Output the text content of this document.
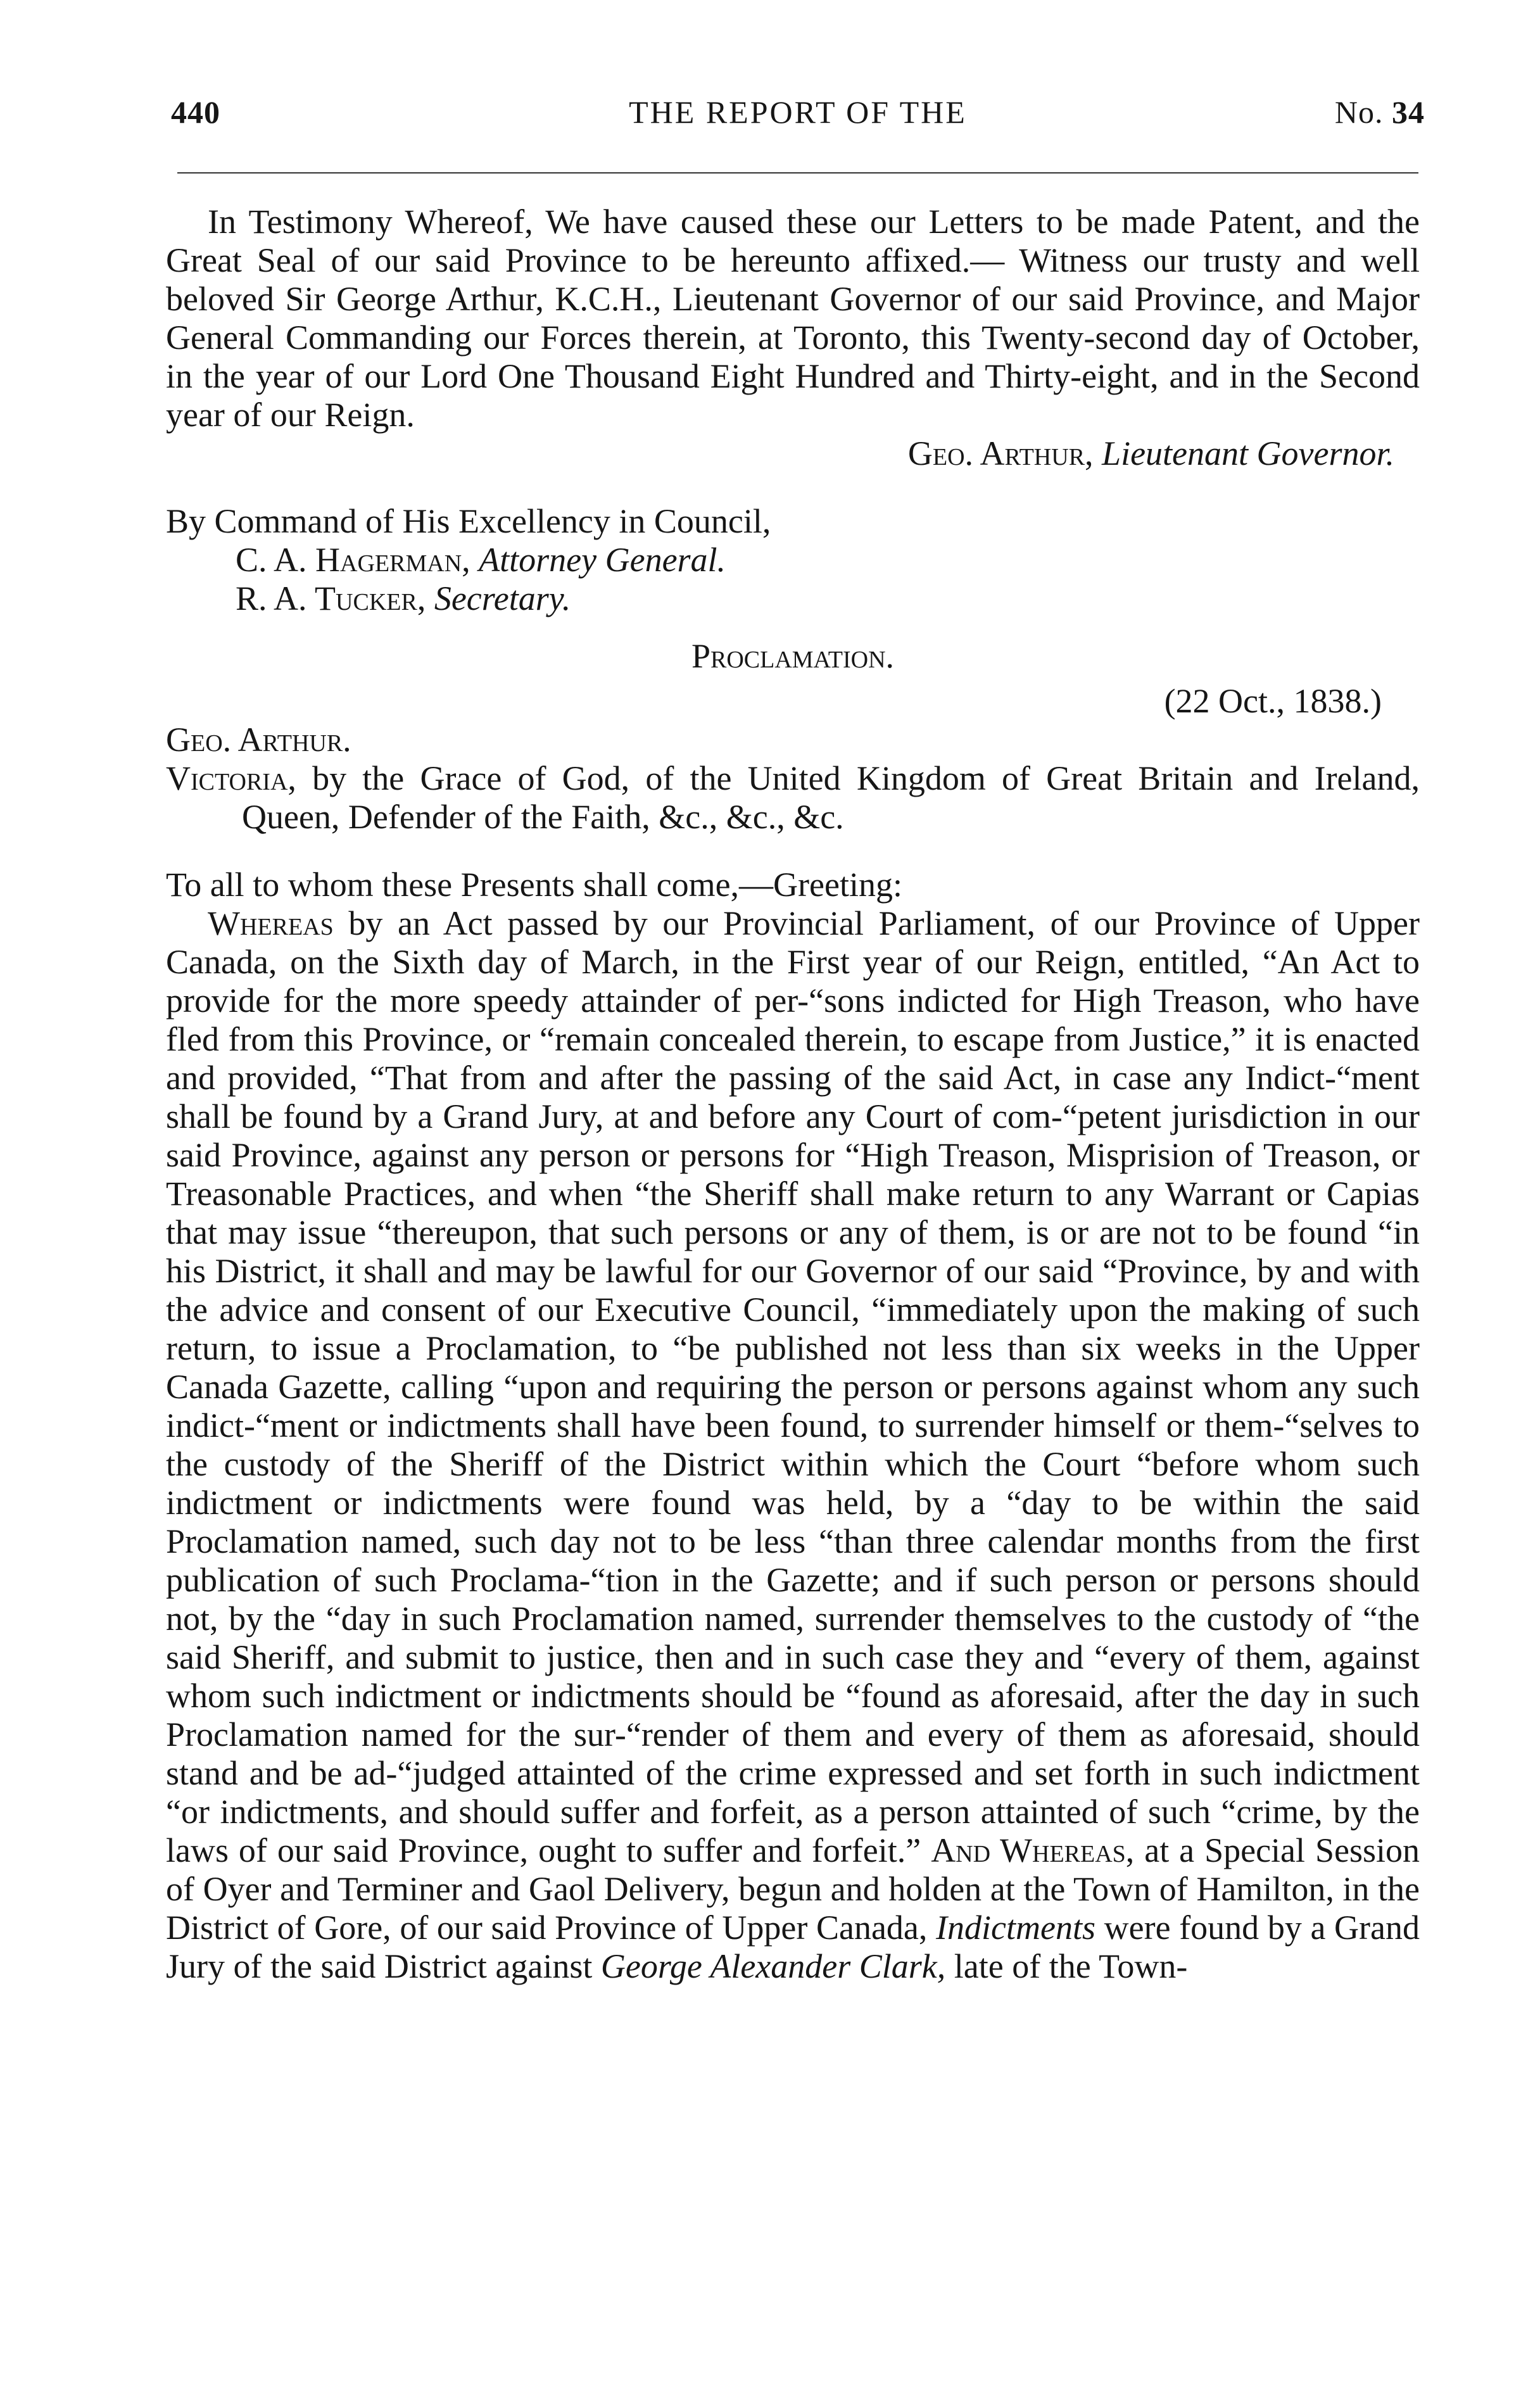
440	THE REPORT OF THE	No. 34

In Testimony Whereof, We have caused these our Letters to be made Patent, and the Great Seal of our said Province to be hereunto affixed.— Witness our trusty and well beloved Sir George Arthur, K.C.H., Lieutenant Governor of our said Province, and Major General Commanding our Forces therein, at Toronto, this Twenty-second day of October, in the year of our Lord One Thousand Eight Hundred and Thirty-eight, and in the Second year of our Reign.

Geo. Arthur, Lieutenant Governor.

By Command of His Excellency in Council,

C. A. Hagerman, Attorney General.

R. A. Tucker, Secretary.

Proclamation.

(22 Oct., 1838.)

Geo. Arthur.

Victoria, by the Grace of God, of the United Kingdom of Great Britain and Ireland, Queen, Defender of the Faith, &c., &c., &c.

To all to whom these Presents shall come,—Greeting:

Whereas by an Act passed by our Provincial Parliament, of our Province of Upper Canada, on the Sixth day of March, in the First year of our Reign, entitled, “An Act to provide for the more speedy attainder of per-“sons indicted for High Treason, who have fled from this Province, or “remain concealed therein, to escape from Justice,” it is enacted and provided, “That from and after the passing of the said Act, in case any Indict-“ment shall be found by a Grand Jury, at and before any Court of com-“petent jurisdiction in our said Province, against any person or persons for “High Treason, Misprision of Treason, or Treasonable Practices, and when “the Sheriff shall make return to any Warrant or Capias that may issue “thereupon, that such persons or any of them, is or are not to be found “in his District, it shall and may be lawful for our Governor of our said “Province, by and with the advice and consent of our Executive Council, “immediately upon the making of such return, to issue a Proclamation, to “be published not less than six weeks in the Upper Canada Gazette, calling “upon and requiring the person or persons against whom any such indict-“ment or indictments shall have been found, to surrender himself or them-“selves to the custody of the Sheriff of the District within which the Court “before whom such indictment or indictments were found was held, by a “day to be within the said Proclamation named, such day not to be less “than three calendar months from the first publication of such Proclama-“tion in the Gazette; and if such person or persons should not, by the “day in such Proclamation named, surrender themselves to the custody of “the said Sheriff, and submit to justice, then and in such case they and “every of them, against whom such indictment or indictments should be “found as aforesaid, after the day in such Proclamation named for the sur-“render of them and every of them as aforesaid, should stand and be ad-“judged attainted of the crime expressed and set forth in such indictment “or indictments, and should suffer and forfeit, as a person attainted of such “crime, by the laws of our said Province, ought to suffer and forfeit.” And Whereas, at a Special Session of Oyer and Terminer and Gaol Delivery, begun and holden at the Town of Hamilton, in the District of Gore, of our said Province of Upper Canada, Indictments were found by a Grand Jury of the said District against George Alexander Clark, late of the Town-
